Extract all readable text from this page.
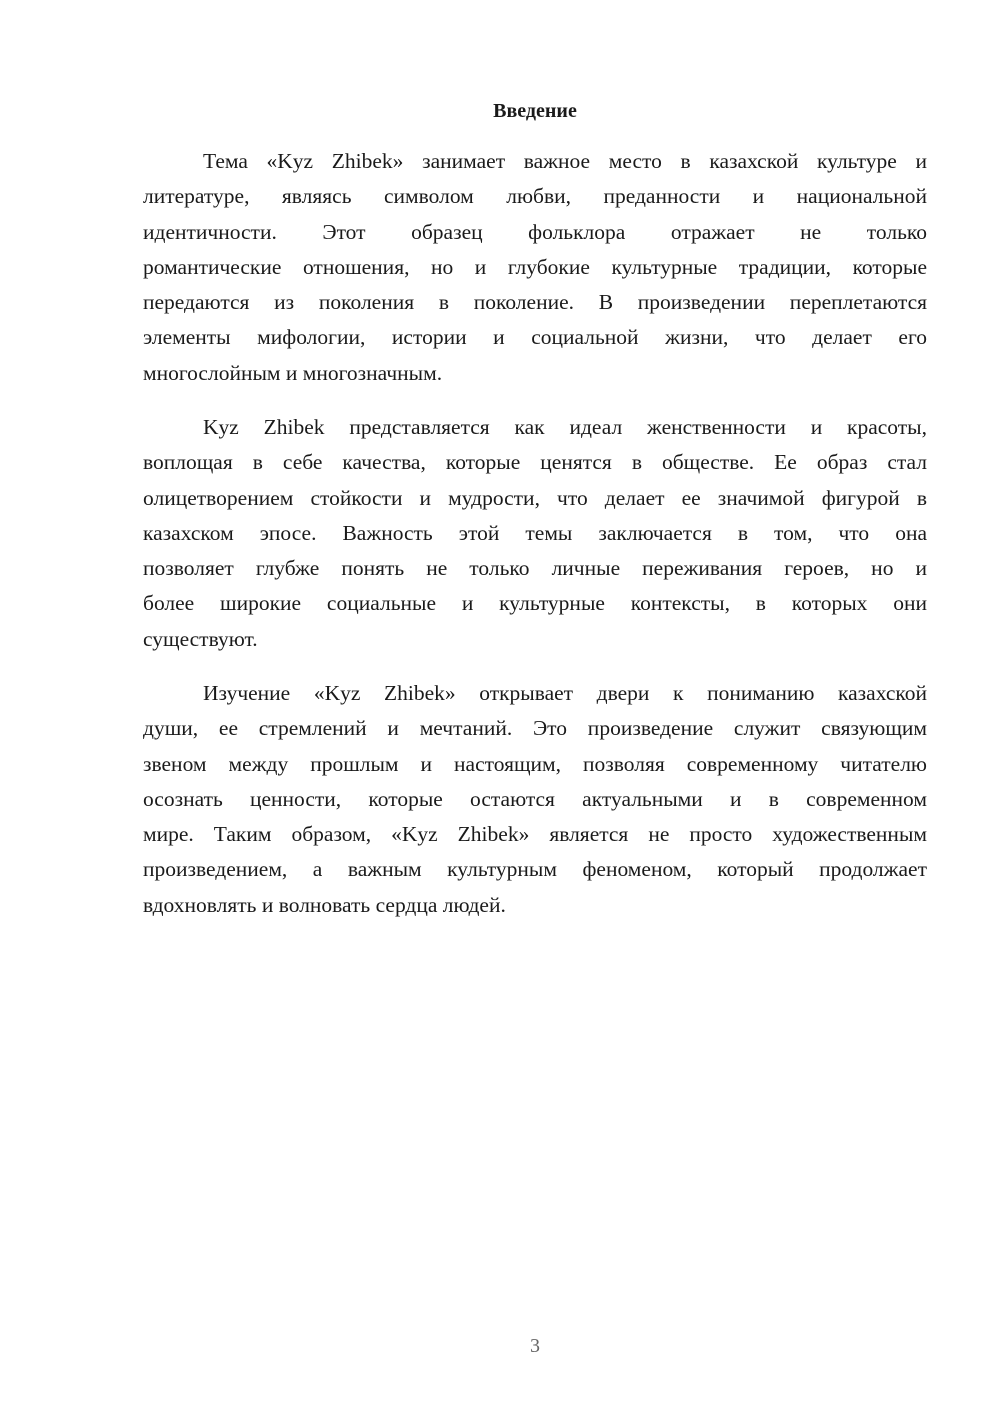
Введение
Тема «Kyz Zhibek» занимает важное место в казахской культуре и
литературе, являясь символом любви, преданности и национальной
идентичности. Этот образец фольклора отражает не только
романтические отношения, но и глубокие культурные традиции, которые
передаются из поколения в поколение. В произведении переплетаются
элементы мифологии, истории и социальной жизни, что делает его
многослойным и многозначным.
Kyz Zhibek представляется как идеал женственности и красоты,
воплощая в себе качества, которые ценятся в обществе. Ее образ стал
олицетворением стойкости и мудрости, что делает ее значимой фигурой в
казахском эпосе. Важность этой темы заключается в том, что она
позволяет глубже понять не только личные переживания героев, но и
более широкие социальные и культурные контексты, в которых они
существуют.
Изучение «Kyz Zhibek» открывает двери к пониманию казахской
души, ее стремлений и мечтаний. Это произведение служит связующим
звеном между прошлым и настоящим, позволяя современному читателю
осознать ценности, которые остаются актуальными и в современном
мире. Таким образом, «Kyz Zhibek» является не просто художественным
произведением, а важным культурным феноменом, который продолжает
вдохновлять и волновать сердца людей.
3
